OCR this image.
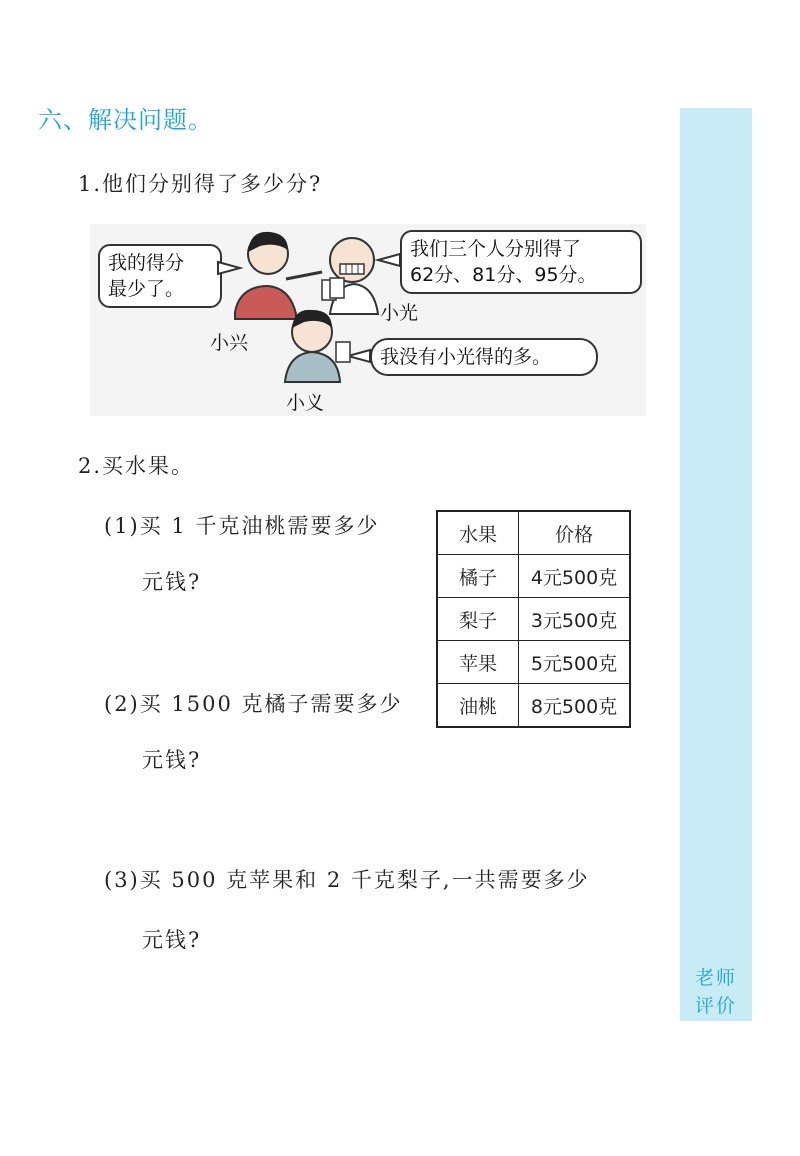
六、解决问题。
老师
评价
1.他们分别得了多少分?
我的得分
最少了。
我们三个人分别得了
62分、81分、95分。
我没有小光得的多。
小兴
小光
小义
2.买水果。
(1)买 1 千克油桃需要多少
元钱?
(2)买 1500 克橘子需要多少
元钱?
(3)买 500 克苹果和 2 千克梨子,一共需要多少
元钱?
水果	价格
橘子	4元500克
梨子	3元500克
苹果	5元500克
油桃	8元500克
